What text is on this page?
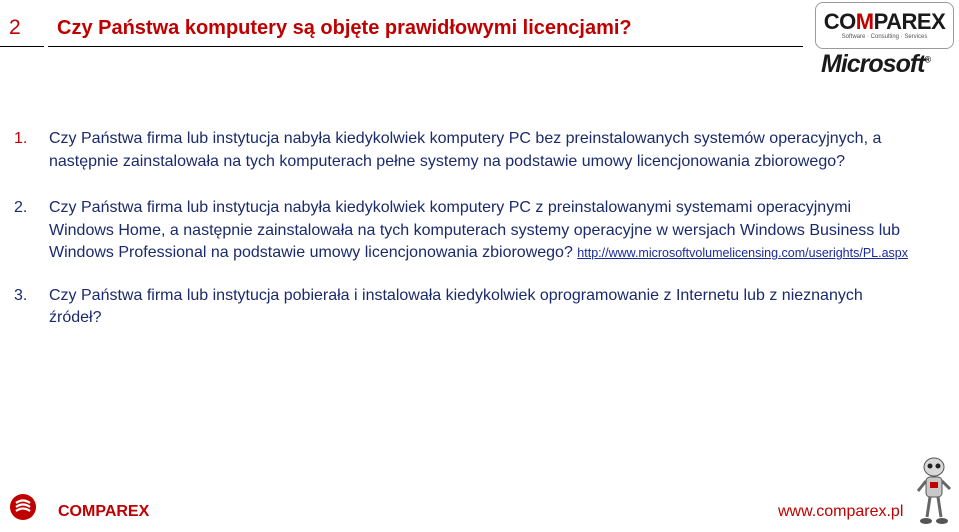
2 Czy Państwa komputery są objęte prawidłowymi licencjami?	COMPAREX
Software · Consulting · Services
Microsoft®
1. Czy Państwa firma lub instytucja nabyła kiedykolwiek komputery PC bez preinstalowanych systemów operacyjnych, a następnie zainstalowała na tych komputerach pełne systemy na podstawie umowy licencjonowania zbiorowego?
2. Czy Państwa firma lub instytucja nabyła kiedykolwiek komputery PC z preinstalowanymi systemami operacyjnymi Windows Home, a następnie zainstalowała na tych komputerach systemy operacyjne w wersjach Windows Business lub Windows Professional na podstawie umowy licencjonowania zbiorowego? http://www.microsoftvolumelicensing.com/userights/PL.aspx
3. Czy Państwa firma lub instytucja pobierała i instalowała kiedykolwiek oprogramowanie z Internetu lub z nieznanych źródeł?
COMPAREX	www.comparex.pl
